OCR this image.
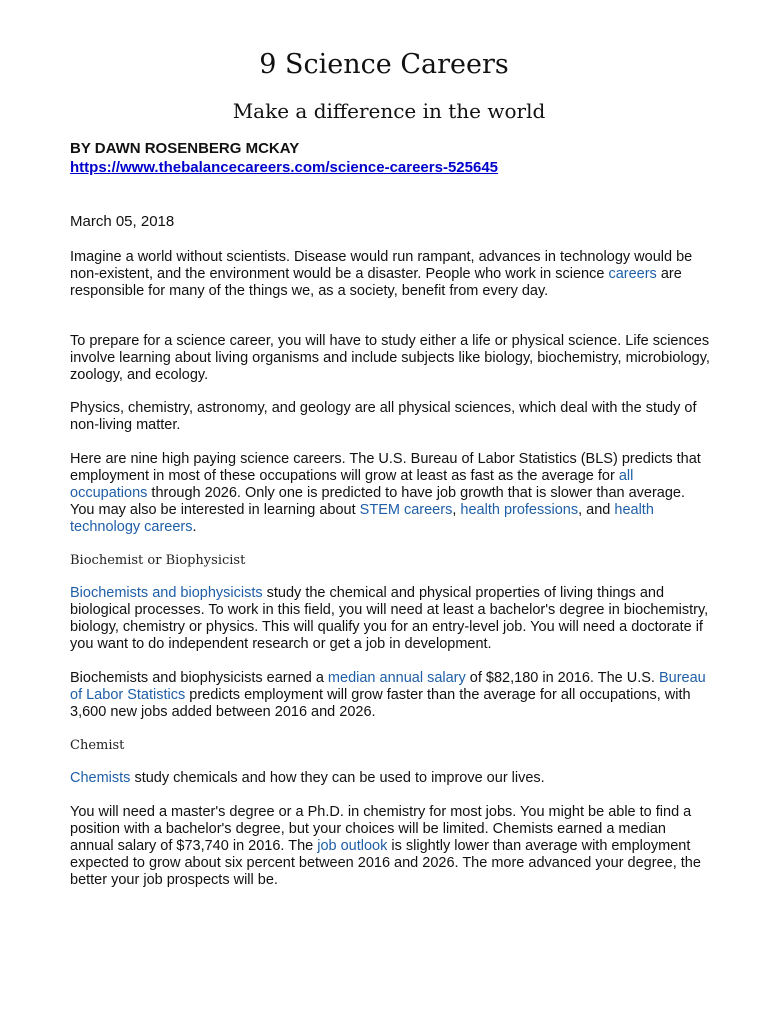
9 Science Careers
Make a difference in the world

BY DAWN ROSENBERG MCKAY

https://www.thebalancecareers.com/science-careers-525645

March 05, 2018

Imagine a world without scientists. Disease would run rampant, advances in technology would be non-existent, and the environment would be a disaster. People who work in science careers are responsible for many of the things we, as a society, benefit from every day.

To prepare for a science career, you will have to study either a life or physical science. Life sciences involve learning about living organisms and include subjects like biology, biochemistry, microbiology, zoology, and ecology.

Physics, chemistry, astronomy, and geology are all physical sciences, which deal with the study of non-living matter.

Here are nine high paying science careers. The U.S. Bureau of Labor Statistics (BLS) predicts that employment in most of these occupations will grow at least as fast as the average for all occupations through 2026. Only one is predicted to have job growth that is slower than average. You may also be interested in learning about STEM careers, health professions, and health technology careers.

Biochemist or Biophysicist

Biochemists and biophysicists study the chemical and physical properties of living things and biological processes. To work in this field, you will need at least a bachelor's degree in biochemistry, biology, chemistry or physics. This will qualify you for an entry-level job. You will need a doctorate if you want to do independent research or get a job in development.

Biochemists and biophysicists earned a median annual salary of $82,180 in 2016. The U.S. Bureau of Labor Statistics predicts employment will grow faster than the average for all occupations, with 3,600 new jobs added between 2016 and 2026.

Chemist

Chemists study chemicals and how they can be used to improve our lives.

You will need a master's degree or a Ph.D. in chemistry for most jobs. You might be able to find a position with a bachelor's degree, but your choices will be limited. Chemists earned a median annual salary of $73,740 in 2016. The job outlook is slightly lower than average with employment expected to grow about six percent between 2016 and 2026. The more advanced your degree, the better your job prospects will be.
